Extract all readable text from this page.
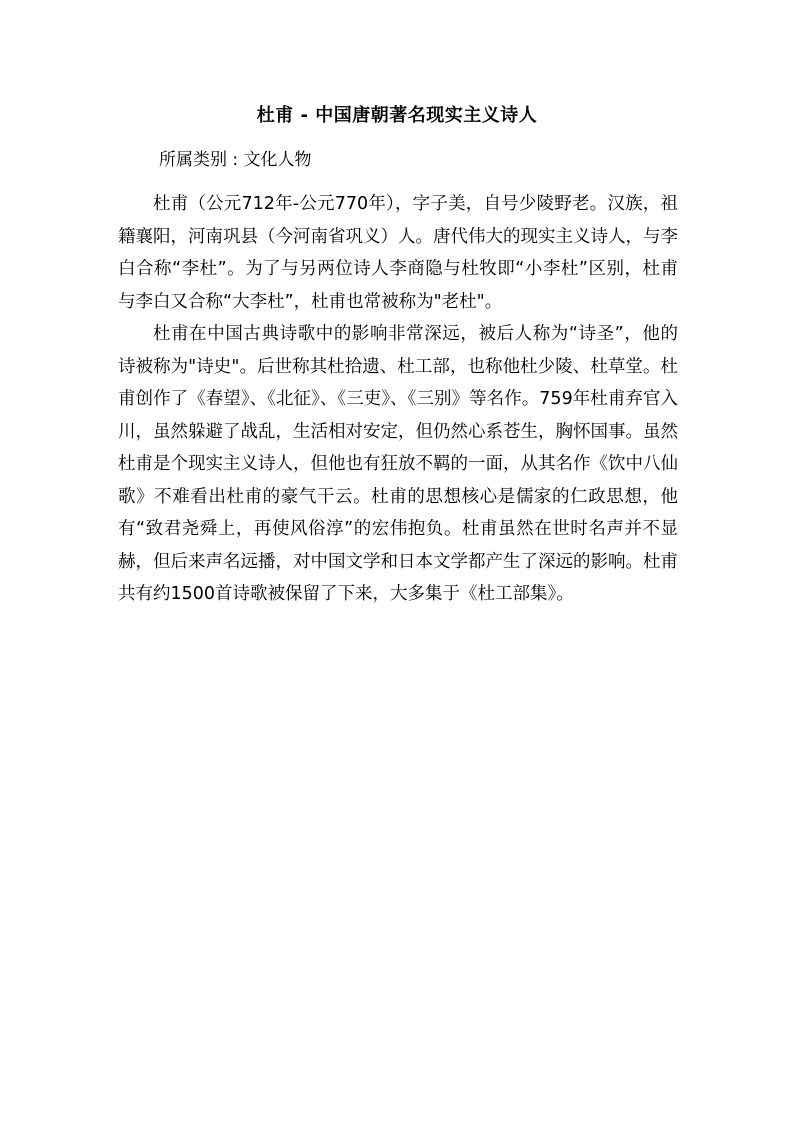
杜甫 - 中国唐朝著名现实主义诗人
所属类别 : 文化人物

杜甫（公元712年-公元770年），字子美，自号少陵野老。汉族，祖籍襄阳，河南巩县（今河南省巩义）人。唐代伟大的现实主义诗人，与李白合称“李杜”。为了与另两位诗人李商隐与杜牧即“小李杜”区别，杜甫与李白又合称“大李杜”，杜甫也常被称为"老杜"。

杜甫在中国古典诗歌中的影响非常深远，被后人称为“诗圣”，他的诗被称为"诗史"。后世称其杜拾遗、杜工部，也称他杜少陵、杜草堂。杜甫创作了《春望》、《北征》、《三吏》、《三别》等名作。759年杜甫弃官入川，虽然躲避了战乱，生活相对安定，但仍然心系苍生，胸怀国事。虽然杜甫是个现实主义诗人，但他也有狂放不羁的一面，从其名作《饮中八仙歌》不难看出杜甫的豪气干云。杜甫的思想核心是儒家的仁政思想，他有“致君尧舜上，再使风俗淳”的宏伟抱负。杜甫虽然在世时名声并不显赫，但后来声名远播，对中国文学和日本文学都产生了深远的影响。杜甫共有约1500首诗歌被保留了下来，大多集于《杜工部集》。
